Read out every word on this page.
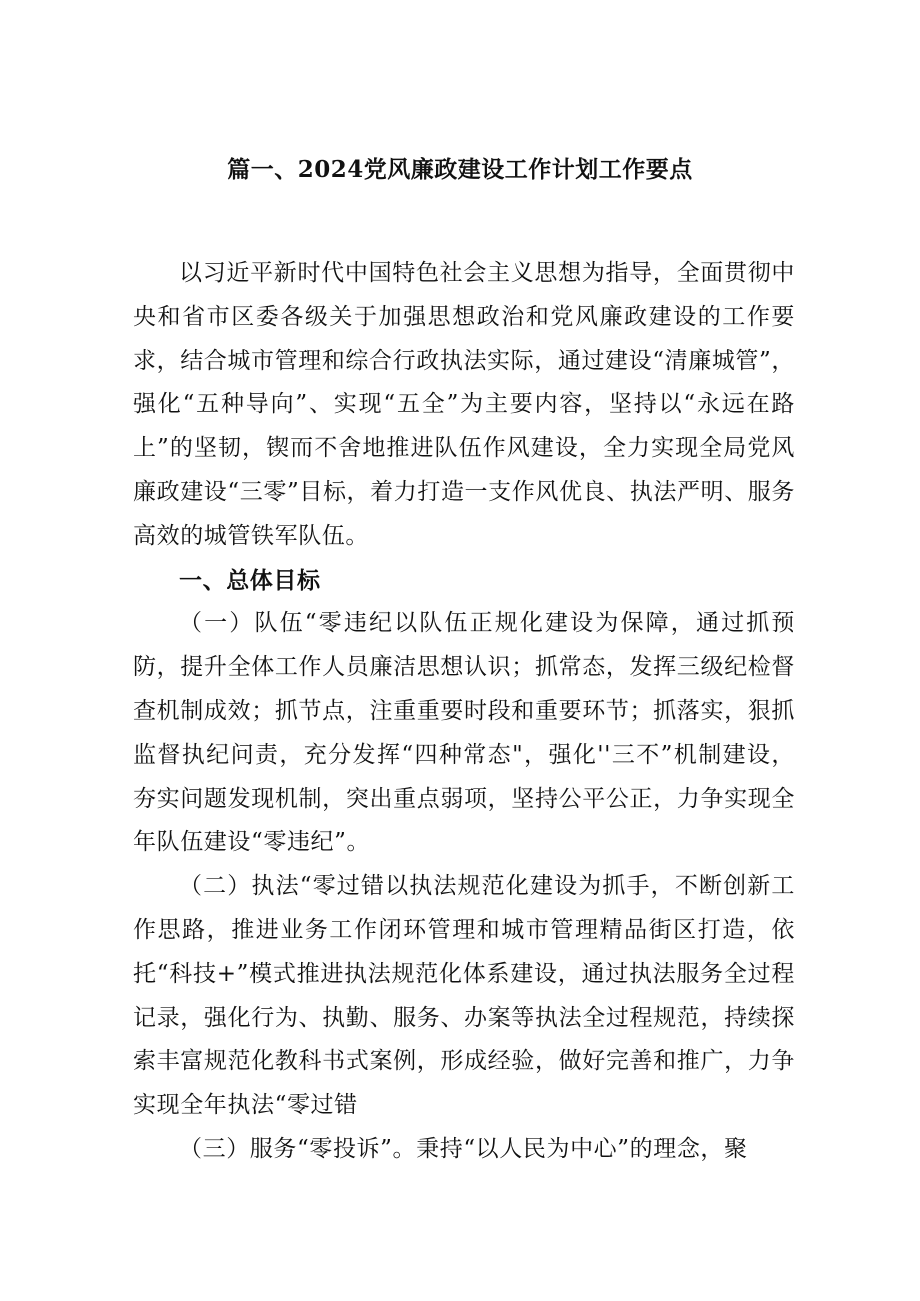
篇一、2024党风廉政建设工作计划工作要点

以习近平新时代中国特色社会主义思想为指导，全面贯彻中央和省市区委各级关于加强思想政治和党风廉政建设的工作要求，结合城市管理和综合行政执法实际，通过建设“清廉城管”，强化“五种导向”、实现“五全”为主要内容，坚持以“永远在路上”的坚韧，锲而不舍地推进队伍作风建设，全力实现全局党风廉政建设“三零”目标，着力打造一支作风优良、执法严明、服务高效的城管铁军队伍。

一、总体目标

（一）队伍“零违纪以队伍正规化建设为保障，通过抓预防，提升全体工作人员廉洁思想认识；抓常态，发挥三级纪检督查机制成效；抓节点，注重重要时段和重要环节；抓落实，狠抓监督执纪问责，充分发挥“四种常态"，强化''三不”机制建设，夯实问题发现机制，突出重点弱项，坚持公平公正，力争实现全年队伍建设“零违纪”。

（二）执法“零过错以执法规范化建设为抓手，不断创新工作思路，推进业务工作闭环管理和城市管理精品街区打造，依托“科技+”模式推进执法规范化体系建设，通过执法服务全过程记录，强化行为、执勤、服务、办案等执法全过程规范，持续探索丰富规范化教科书式案例，形成经验，做好完善和推广，力争实现全年执法“零过错

（三）服务“零投诉”。秉持“以人民为中心”的理念，聚
